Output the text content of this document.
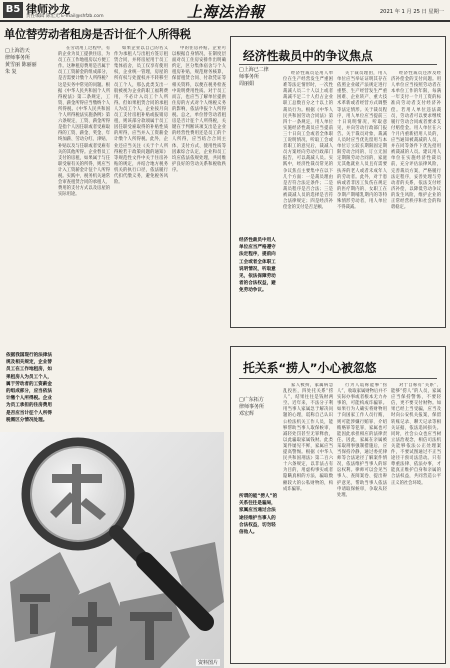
B5 律师沙龙
责任编辑 陈宏光 E-mail@shfzb.com	上海法治報	2021 年 1 月 25 日 星期一
单位替劳动者租房是否计征个人所得税
□上海浩天
律师事务所
黄雪丽 陈丽丽
朱 复

在劳动用工过程中，有的企业为员工提供住房，为员工在工作地租房以方便工作。这种租房费用是否属于员工工资薪金的组成部分，是否需要计缴个人所得税？这是实务中常见的问题。根据《中华人民共和国个人所得税法》第二条规定，工资、薪金所得应当缴纳个人所得税。《中华人民共和国个人所得税法实施条例》第六条规定，工资、薪金所得是指个人因任职或者受雇取得的工资、薪金、奖金、年终加薪、劳动分红、津贴、补贴以及与任职或者受雇有关的其他所得。企业替员工支付的房租，如果属于与任职受雇有关的所得，则应当计入工资薪金计征个人所得税。实践中，税务机关通常会审查租赁合同的承租人、费用的支付方式以及房屋的实际用途。

如果企业以自己的名义作为承租人与出租方签订租赁合同，并将房屋用于员工集体宿舍，员工仅享有使用权，企业统一管理，房屋的所有权与处置权并不转移至员工个人，那么此类支出一般被视为企业的职工福利费用，不必计入员工个人所得。但如果租赁合同的承租人为员工个人，企业按月向员工支付房租补贴或报销房租，则该部分款项属于员工因任职受雇取得的补贴性质的所得，应当并入工资薪金计缴个人所得税。此外，企业还应当关注《关于个人所得税若干政策问题的通知》等规范性文件中关于住房补贴的规定，并结合地方税务机关的执行口径，依法履行代扣代缴义务，避免税务风险。

中的住房补贴。企业可以根据自身情况，在制度层面对员工住房安排作出明确约定，区分集体宿舍与个人租房补贴，规范财务核算，保留租赁合同、付款凭证等相关资料，以便在税务检查中说明费用性质。对于员工而言，也应当了解单位提供住房的方式对个人纳税义务的影响，依法申报个人所得税。总之，单位替劳动者租房是否计征个人所得税，关键在于判断该项支出是企业的经营性费用还是员工的个人所得，应当结合合同主体、支付方式、使用性质等因素综合认定，企业和员工均应依法依规处理，共同维护良好的劳动关系和税收秩序。

依据我国现行的法律法规及相关规定，企业替员工在工作地租房，如果租房人为员工个人，属于劳动者的工资薪金的组成部分，应当依法计缴个人所得税。企业为员工承担的住房费用是否应当计征个人所得税需区分情况处理。
资料图片
经济性裁员中的争议焦点
□上海已二律
师事务所
周丽娟
经济性裁员中用人单位应当严格遵守法定程序，提前向工会或者全体职工说明情况，听取意见，依法保障劳动者的合法权益，避免劳动争议。

经济性裁员是用人单位在生产经营发生严重困难等法定情形时，一次性裁减人员二十人以上或者裁减不足二十人但占企业职工总数百分之十以上的裁员行为。根据《中华人民共和国劳动合同法》第四十一条规定，用人单位实施经济性裁员应当提前三十日向工会或者全体职工说明情况，听取工会或者职工的意见后，裁减人员方案经向劳动行政部门报告，可以裁减人员。实践中，经济性裁员常见的争议焦点主要集中在以下几个方面：一是裁员理由是否符合法定条件；二是裁员程序是否合法；三是被裁减人员的选择是否符合法律规定；四是经济补偿金的支付是否足额。

关于裁员理由，用人单位应当举证证明其存在依照企业破产法规定进行重整、生产经营发生严重困难、企业转产、重大技术革新或者经营方式调整等法定情形。关于裁员程序，用人单位应当提前三十日说明情况，听取意见，并向劳动行政部门报告。关于裁员对象，裁减人员时应当优先留用与本单位订立较长期限固定期限劳动合同的、订立无固定期限劳动合同的、家庭无其他就业人员且有需要扶养的老人或者未成年人的劳动者。此外，对于患病或者非因工负伤在规定的医疗期内的、女职工在孕期产期哺乳期内的等特殊情形劳动者，用人单位不得裁减。

经济性裁员还涉及经济补偿金的支付问题。用人单位应当按照劳动者在本单位工作的年限，每满一年支付一个月工资的标准向劳动者支付经济补偿。若用人单位违法裁员，劳动者可以要求继续履行劳动合同或者要求支付赔偿金。用人单位在六个月内重新招用人员的，应当通知被裁减的人员，并在同等条件下优先招用被裁减的人员。建议用人单位在实施经济性裁员前，充分评估法律风险，完善裁员方案，严格履行法定程序，妥善处理与劳动者的关系，依法支付经济补偿，以降低劳动争议的发生风险，维护企业的正常经营秩序和社会的和谐稳定。

托关系“捞人”小心被忽悠
□广东拓方
律师事务所
邓宏辉
所谓的能“捞人”的关系往往是骗局，家属应当通过合法途径维护当事人的合法权益，切勿轻信他人。

家人被拘，家属病急乱投医，四处托关系“捞人”，结果往往是钱财两空。近年来，不法分子利用当事人家属急于解决问题的心理，谎称自己认识公检法机关工作人员，能够帮助当事人取保候审、减轻处罚甚至无罪释放，以此骗取家属钱财。此类案件屡见不鲜，家属应当提高警惕。根据《中华人民共和国刑法》第二百六十六条规定，以非法占有为目的，用虚构事实或者隐瞒真相的方法，骗取数额较大的公私财物的，构成诈骗罪。

行为人谎称能够“捞人”，收取家属财物后并不实际办事或者根本无力办事的，可能构成诈骗罪。如果行为人确实将财物用于向国家工作人员行贿，则可能涉嫌行贿罪、介绍贿赂罪等犯罪，家属也可能因此承担相应的法律责任。因此，家属在亲属被采取刑事强制措施后，应当保持冷静，通过委托律师等合法途径了解案件情况，依法维护当事人的诉讼权利。律师可以会见当事人、查阅案卷、提出辩护意见，帮助当事人依法申请取保候审，争取从轻处理。

对于自称有“关系”、能够“捞人”的人员，家属应当保持警惕，不要轻信，更不要交付财物。如果已经上当受骗，应当及时向公安机关报案，保留转账记录、聊天记录等相关证据，依法追回损失。同时，社会公众也应当树立法治观念，相信司法机关能够依法公正处理案件，不要试图通过不正当途径干预司法活动。只有尊重法律、依法办事，才能真正维护自身和亲属的合法权益，共同营造公平正义的社会环境。
